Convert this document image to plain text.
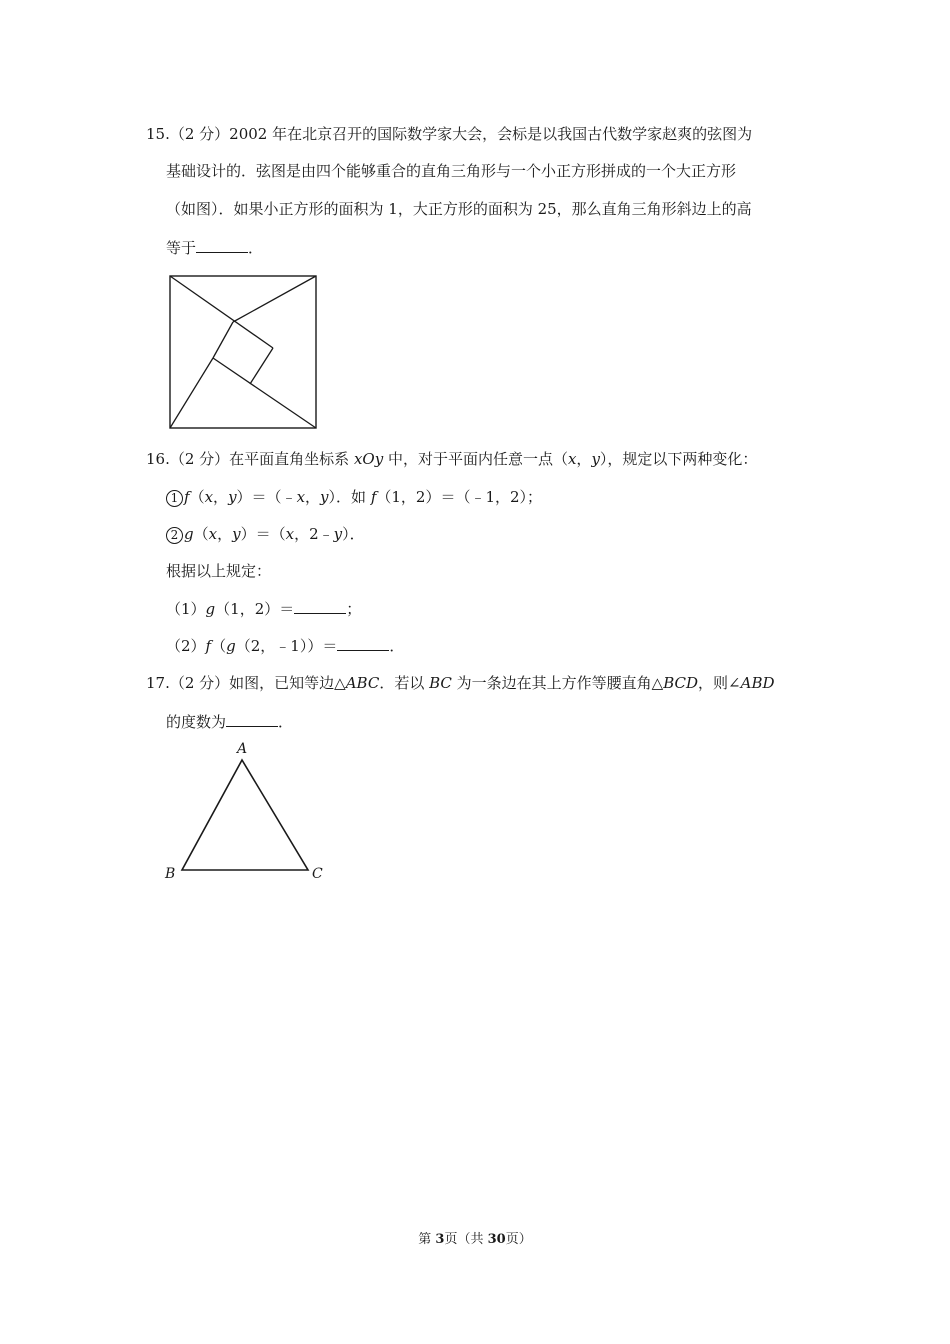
15.（2 分）2002 年在北京召开的国际数学家大会，会标是以我国古代数学家赵爽的弦图为
基础设计的．弦图是由四个能够重合的直角三角形与一个小正方形拼成的一个大正方形
（如图）．如果小正方形的面积为 1，大正方形的面积为 25，那么直角三角形斜边上的高
等于	．
16.（2 分）在平面直角坐标系 xOy 中，对于平面内任意一点（x，y），规定以下两种变化：
1 f（x，y）＝（﹣x，y）．如 f（1，2）＝（﹣1，2）；
2 g（x，y）＝（x，2﹣y）．
根据以上规定：
（1）g（1，2）＝	；
（2）f（g（2，﹣1））＝	．
17.（2 分）如图，已知等边△ABC．若以 BC 为一条边在其上方作等腰直角△BCD，则∠ABD
的度数为	．
A
B	C
第 3页（共 30页）
